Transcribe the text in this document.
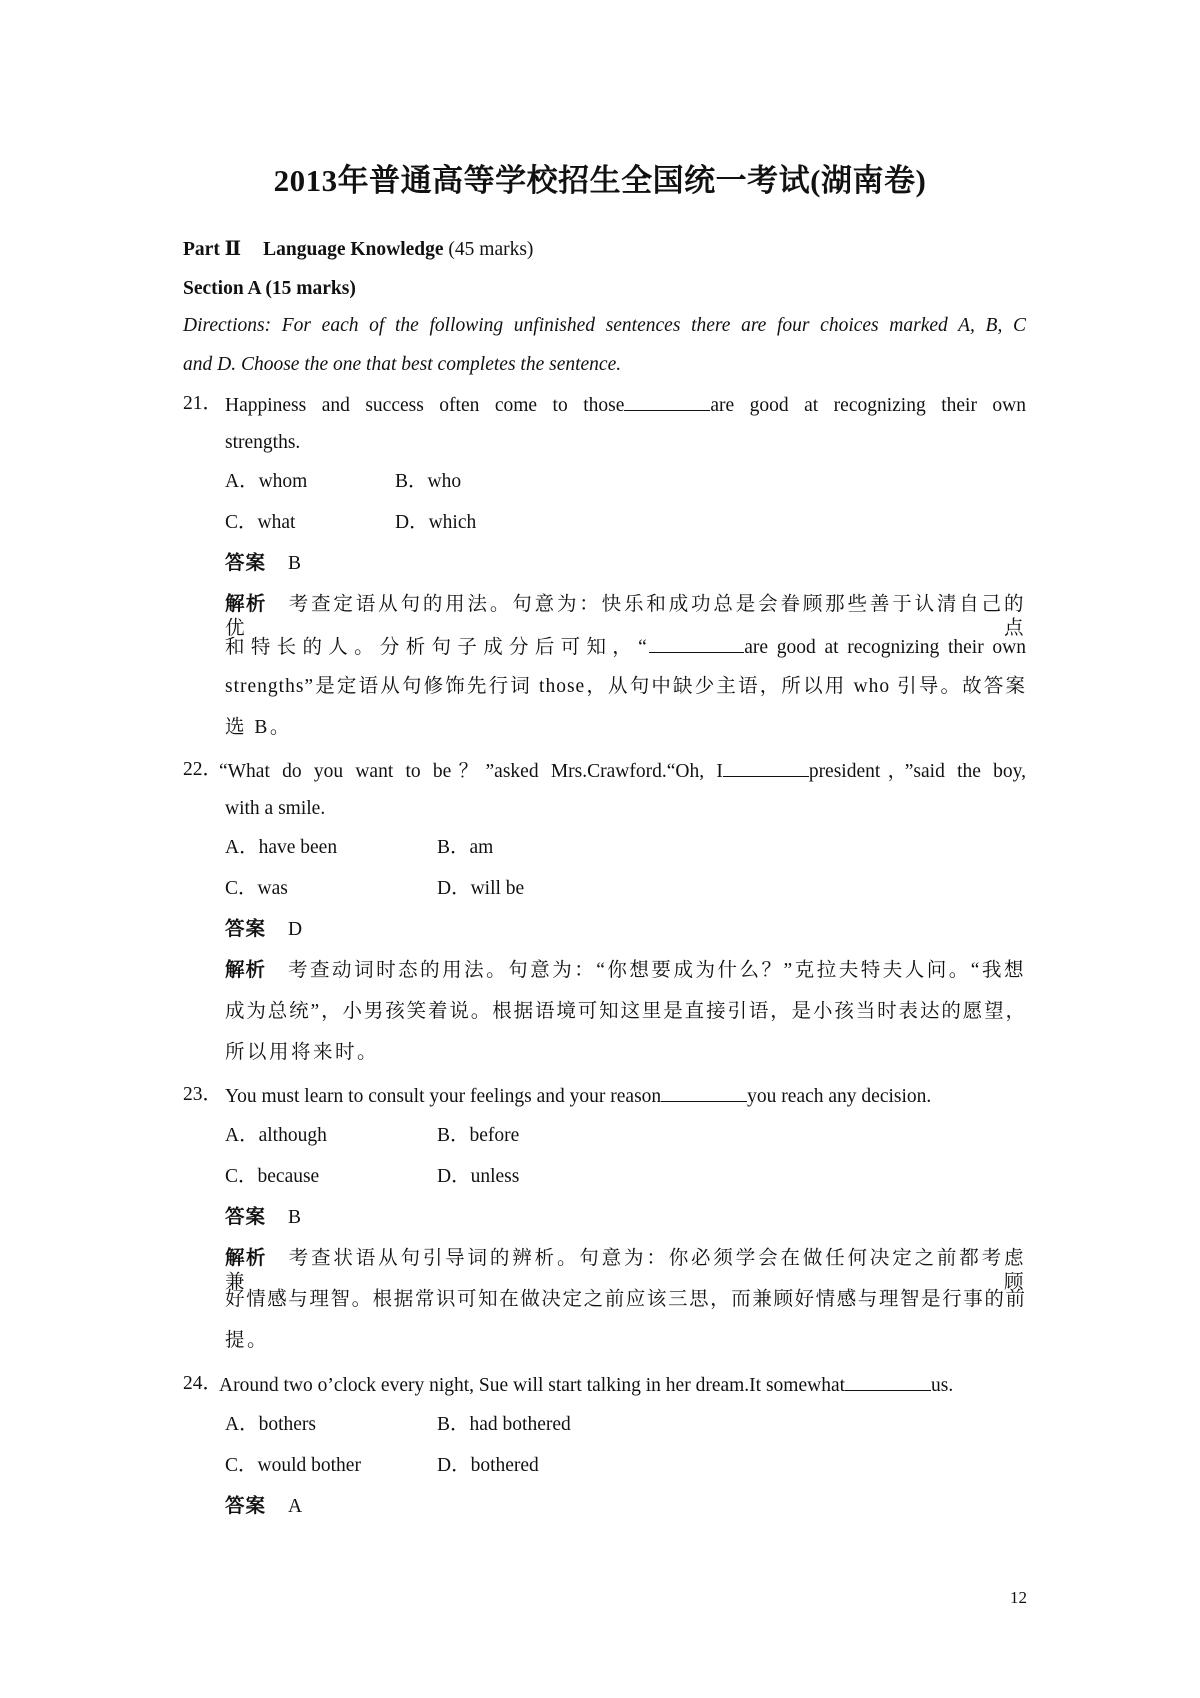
2013年普通高等学校招生全国统一考试(湖南卷)
Part Ⅱ Language Knowledge (45 marks)
Section A (15 marks)
Directions: For each of the following unfinished sentences there are four choices marked A, B, C
and D. Choose the one that best completes the sentence.
21． Happiness and success often come to those	are good at recognizing their own
strengths.
A．whom	B．who
C．what	D．which
答案 B
解析 考查定语从句的用法。句意为：快乐和成功总是会眷顾那些善于认清自己的优点
和特长的人。分析句子成分后可知，“	are good at recognizing their own
strengths”是定语从句修饰先行词 those，从句中缺少主语，所以用 who 引导。故答案
选 B。
22．
“What do you want to be？”asked Mrs.Crawford.“Oh, I	president，”said the boy,
with a smile.
A．have been	B．am
C．was	D．will be
答案 D
解析 考查动词时态的用法。句意为：“你想要成为什么？”克拉夫特夫人问。“我想
成为总统”，小男孩笑着说。根据语境可知这里是直接引语，是小孩当时表达的愿望，
所以用将来时。
23． You must learn to consult your feelings and your reason	you reach any decision.
A．although	B．before
C．because	D．unless
答案 B
解析 考查状语从句引导词的辨析。句意为：你必须学会在做任何决定之前都考虑兼顾
好情感与理智。根据常识可知在做决定之前应该三思，而兼顾好情感与理智是行事的前
提。
24．
Around two o’clock every night, Sue will start talking in her dream.It somewhat	us.
A．bothers	B．had bothered
C．would bother	D．bothered
答案 A
12
